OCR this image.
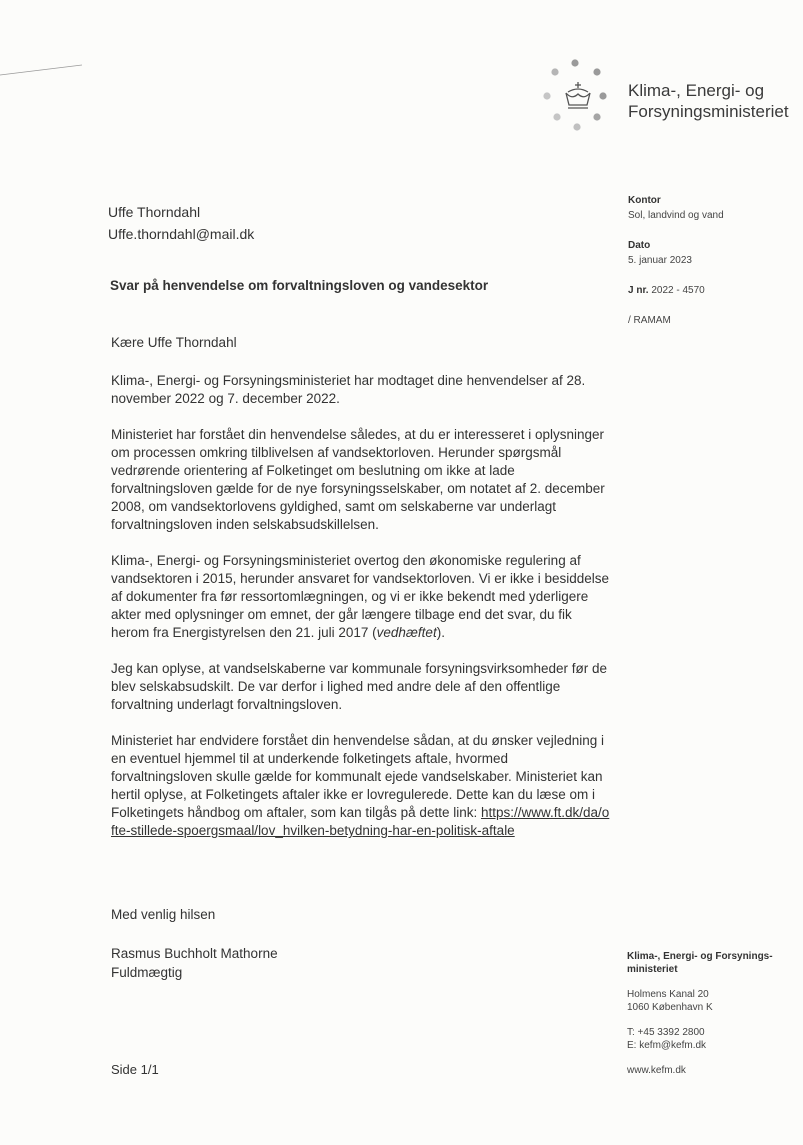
Klima-, Energi- og
Forsyningsministeriet
Uffe Thorndahl
Uffe.thorndahl@mail.dk
Kontor
Sol, landvind og vand
Dato
5. januar 2023
J nr. 2022 - 4570
/ RAMAM
Svar på henvendelse om forvaltningsloven og vandesektor

Kære Uffe Thorndahl

Klima-, Energi- og Forsyningsministeriet har modtaget dine henvendelser af 28. november 2022 og 7. december 2022.

Ministeriet har forstået din henvendelse således, at du er interesseret i oplysninger om processen omkring tilblivelsen af vandsektorloven. Herunder spørgsmål vedrørende orientering af Folketinget om beslutning om ikke at lade forvaltningsloven gælde for de nye forsyningsselskaber, om notatet af 2. december 2008, om vandsektorlovens gyldighed, samt om selskaberne var underlagt forvaltningsloven inden selskabsudskillelsen.

Klima-, Energi- og Forsyningsministeriet overtog den økonomiske regulering af vandsektoren i 2015, herunder ansvaret for vandsektorloven. Vi er ikke i besiddelse af dokumenter fra før ressortomlægningen, og vi er ikke bekendt med yderligere akter med oplysninger om emnet, der går længere tilbage end det svar, du fik herom fra Energistyrelsen den 21. juli 2017 (vedhæftet).

Jeg kan oplyse, at vandselskaberne var kommunale forsyningsvirksomheder før de blev selskabsudskilt. De var derfor i lighed med andre dele af den offentlige forvaltning underlagt forvaltningsloven.

Ministeriet har endvidere forstået din henvendelse sådan, at du ønsker vejledning i en eventuel hjemmel til at underkende folketingets aftale, hvormed forvaltningsloven skulle gælde for kommunalt ejede vandselskaber. Ministeriet kan hertil oplyse, at Folketingets aftaler ikke er lovregulerede. Dette kan du læse om i Folketingets håndbog om aftaler, som kan tilgås på dette link: https://www.ft.dk/da/ofte-stillede-spoergsmaal/lov_hvilken-betydning-har-en-politisk-aftale

Med venlig hilsen
Rasmus Buchholt Mathorne
Fuldmægtig
Side 1/1
Klima-, Energi- og Forsynings-
ministeriet
Holmens Kanal 20
1060 København K
T: +45 3392 2800
E: kefm@kefm.dk
www.kefm.dk
